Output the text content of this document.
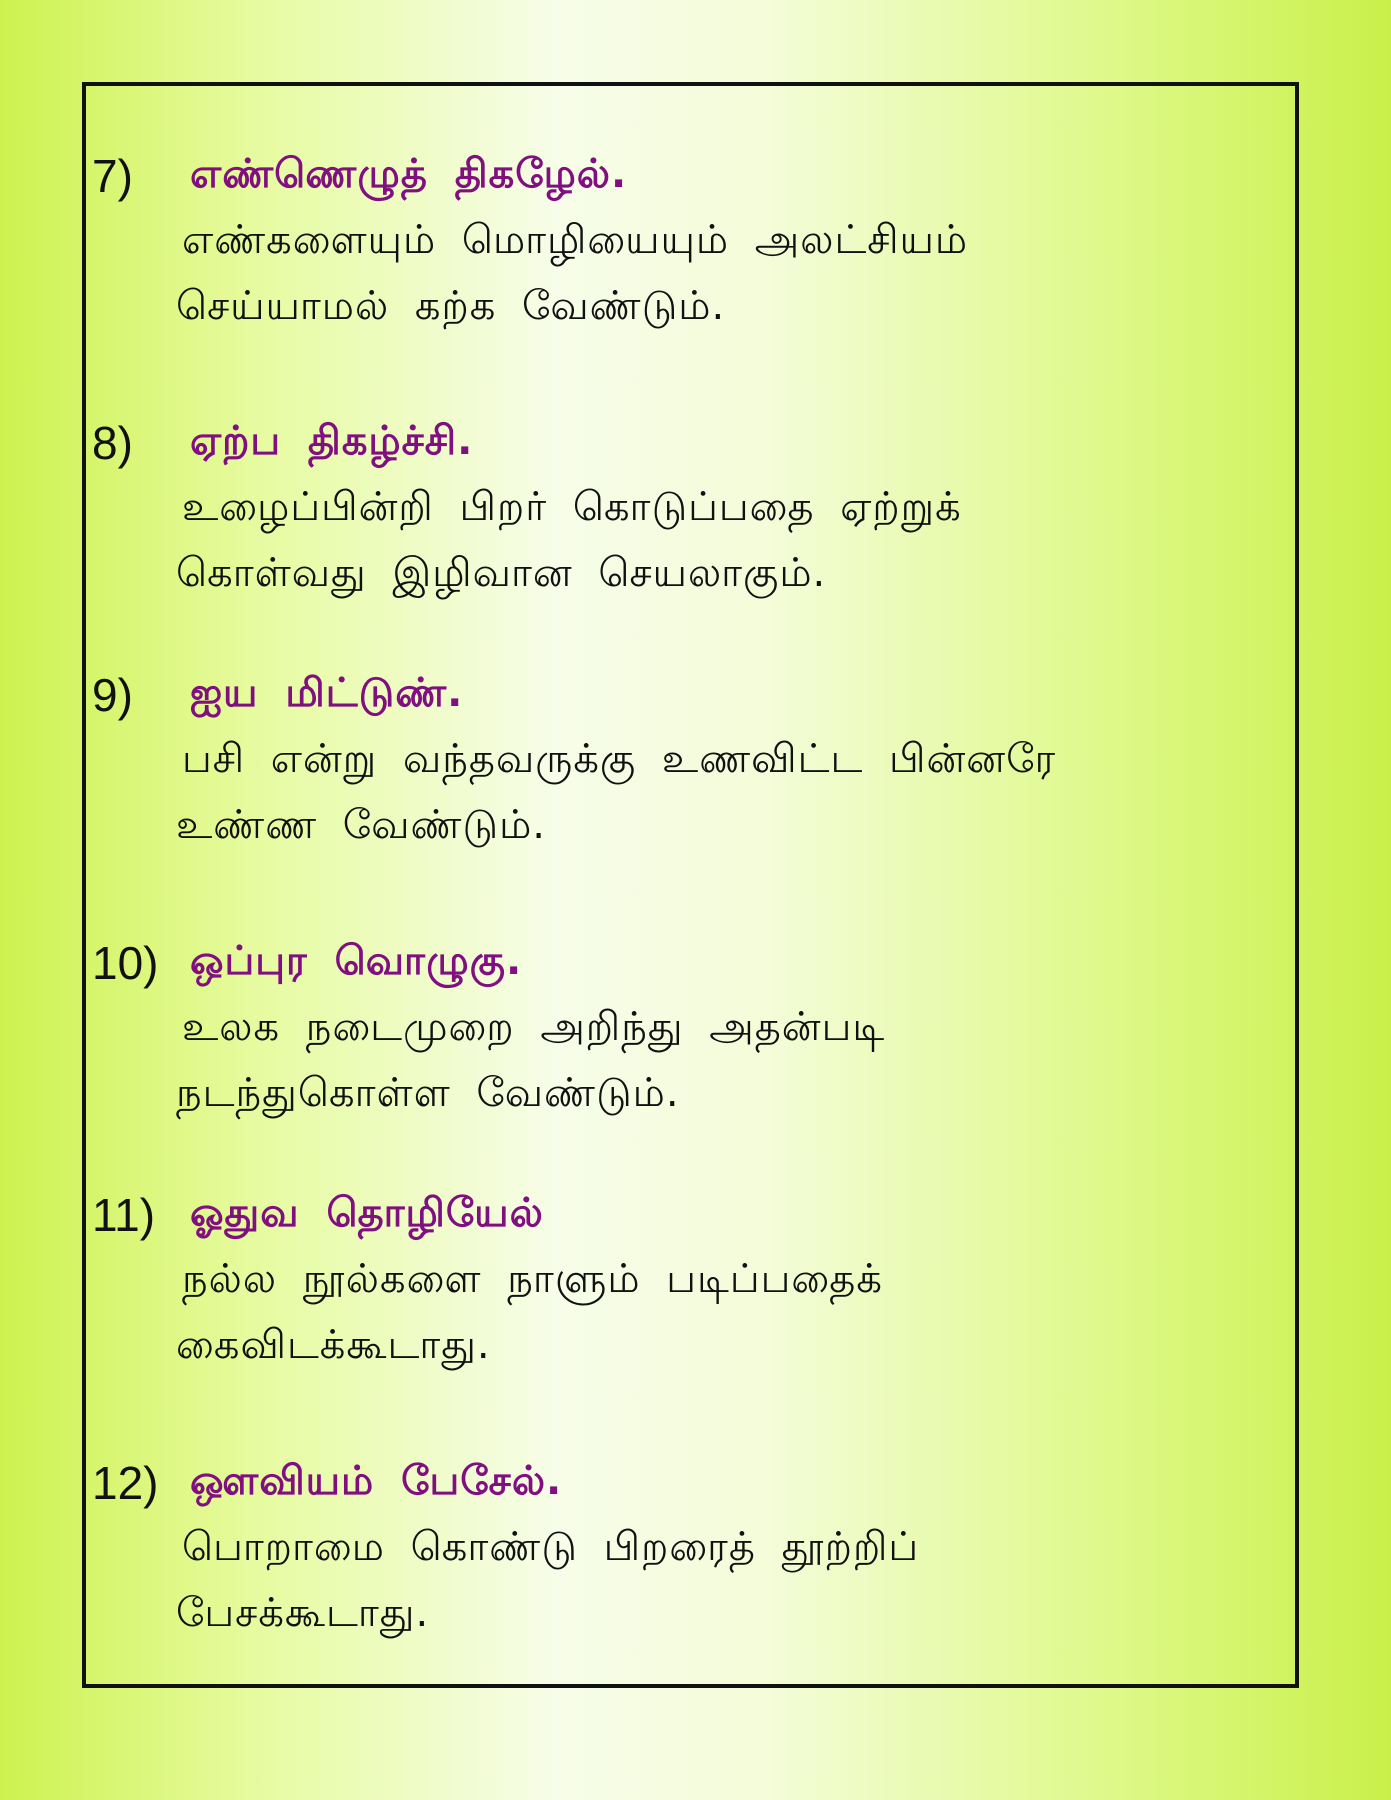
7)	எண்ணெழுத் திகழேல்.
எண்களையும் மொழியையும் அலட்சியம்
செய்யாமல் கற்க வேண்டும்.
8)	ஏற்ப திகழ்ச்சி.
உழைப்பின்றி பிறர் கொடுப்பதை ஏற்றுக்
கொள்வது இழிவான செயலாகும்.
9)	ஐய மிட்டுண்.
பசி என்று வந்தவருக்கு உணவிட்ட பின்னரே
உண்ண வேண்டும்.
10) ஒப்புர வொழுகு.
உலக நடைமுறை அறிந்து அதன்படி
நடந்துகொள்ள வேண்டும்.
11) ஓதுவ தொழியேல்
நல்ல நூல்களை நாளும் படிப்பதைக்
கைவிடக்கூடாது.
12) ஔவியம் பேசேல்.
பொறாமை கொண்டு பிறரைத் தூற்றிப்
பேசக்கூடாது.
